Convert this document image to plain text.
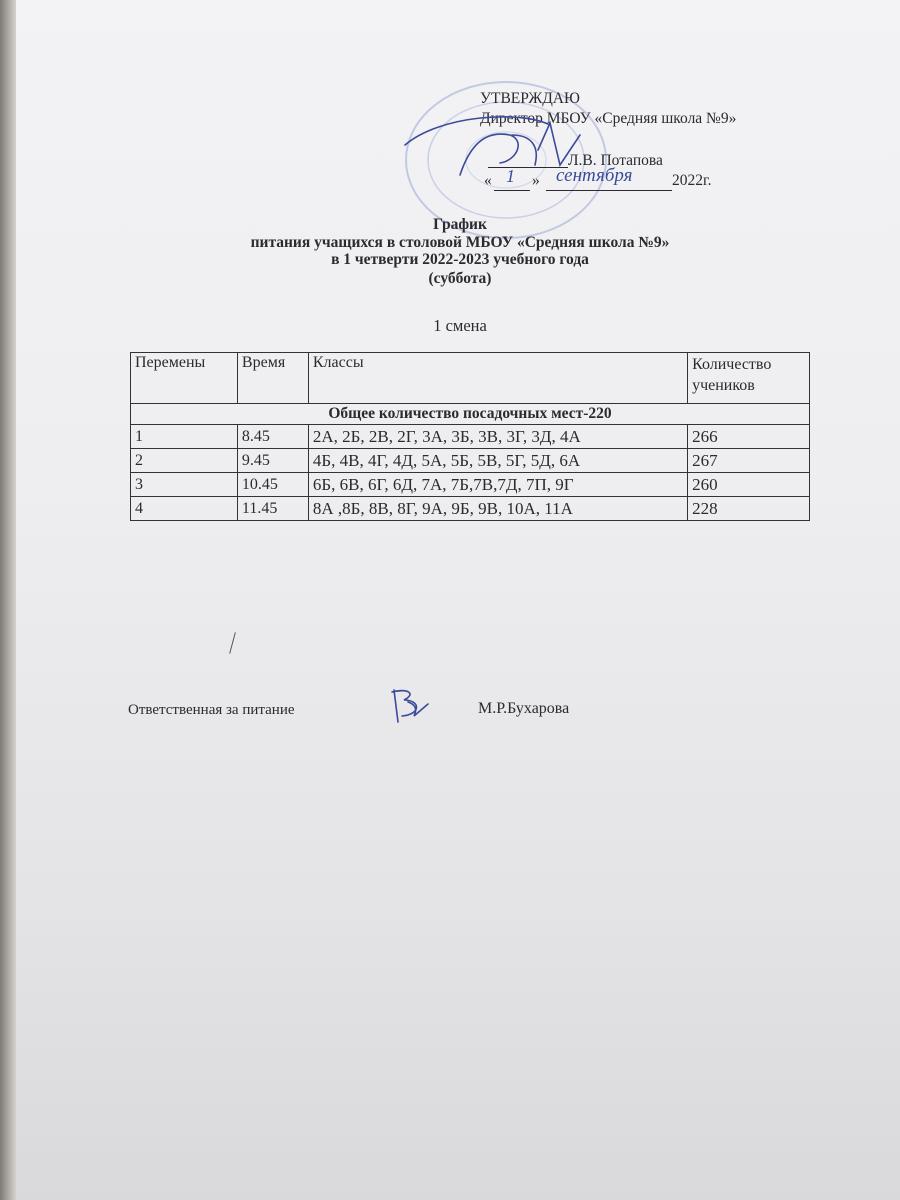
УТВЕРЖДАЮ
Директор МБОУ «Средняя школа №9»
Л.В. Потапова
« 1 » сентября	2022г.
График
питания учащихся в столовой МБОУ «Средняя школа №9»
в 1 четверти 2022-2023 учебного года
(суббота)
1 смена
Перемены	Время	Классы	Количество
учеников
Общее количество посадочных мест-220			
1	8.45	2А, 2Б, 2В, 2Г, 3А, 3Б, 3В, 3Г, 3Д, 4А	266
2	9.45	4Б, 4В, 4Г, 4Д, 5А, 5Б, 5В, 5Г, 5Д, 6А	267
3	10.45	6Б, 6В, 6Г, 6Д, 7А, 7Б,7В,7Д, 7П, 9Г	260
4	11.45	8А ,8Б, 8В, 8Г, 9А, 9Б, 9В, 10А, 11А	228
Ответственная за питание	М.Р.Бухарова
